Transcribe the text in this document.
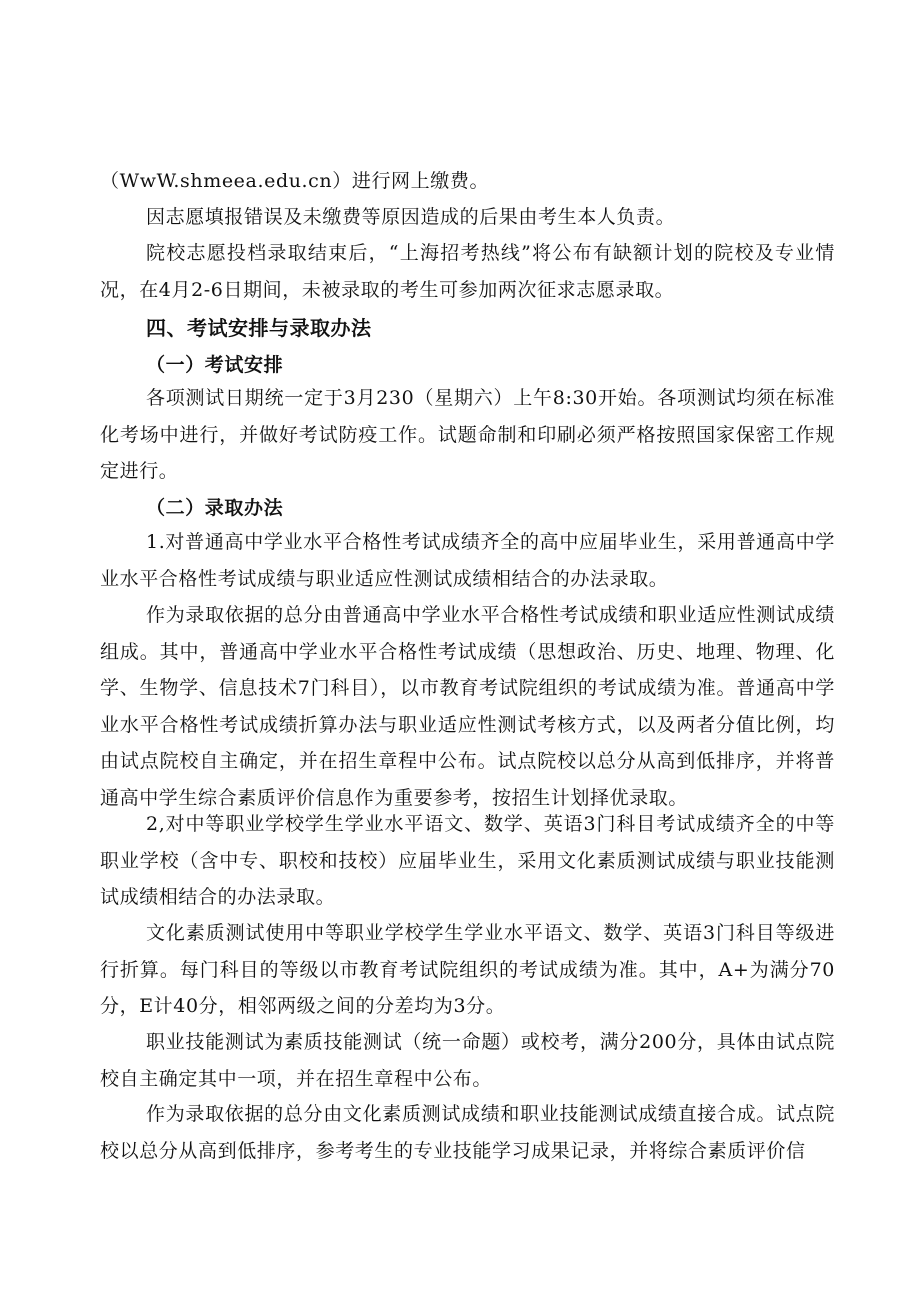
（WwW.shmeea.edu.cn）进行网上缴费。

因志愿填报错误及未缴费等原因造成的后果由考生本人负责。

院校志愿投档录取结束后，“上海招考热线”将公布有缺额计划的院校及专业情况，在4月2-6日期间，未被录取的考生可参加两次征求志愿录取。

四、考试安排与录取办法
（一）考试安排

各项测试日期统一定于3月230（星期六）上午8:30开始。各项测试均须在标准化考场中进行，并做好考试防疫工作。试题命制和印刷必须严格按照国家保密工作规定进行。

（二）录取办法

1.对普通高中学业水平合格性考试成绩齐全的高中应届毕业生，采用普通高中学业水平合格性考试成绩与职业适应性测试成绩相结合的办法录取。

作为录取依据的总分由普通高中学业水平合格性考试成绩和职业适应性测试成绩组成。其中，普通高中学业水平合格性考试成绩（思想政治、历史、地理、物理、化学、生物学、信息技术7门科目），以市教育考试院组织的考试成绩为准。普通高中学业水平合格性考试成绩折算办法与职业适应性测试考核方式，以及两者分值比例，均由试点院校自主确定，并在招生章程中公布。试点院校以总分从高到低排序，并将普通高中学生综合素质评价信息作为重要参考，按招生计划择优录取。

2,对中等职业学校学生学业水平语文、数学、英语3门科目考试成绩齐全的中等职业学校（含中专、职校和技校）应届毕业生，采用文化素质测试成绩与职业技能测试成绩相结合的办法录取。

文化素质测试使用中等职业学校学生学业水平语文、数学、英语3门科目等级进行折算。每门科目的等级以市教育考试院组织的考试成绩为准。其中，A+为满分70分，E计40分，相邻两级之间的分差均为3分。

职业技能测试为素质技能测试（统一命题）或校考，满分200分，具体由试点院校自主确定其中一项，并在招生章程中公布。

作为录取依据的总分由文化素质测试成绩和职业技能测试成绩直接合成。试点院校以总分从高到低排序，参考考生的专业技能学习成果记录，并将综合素质评价信
